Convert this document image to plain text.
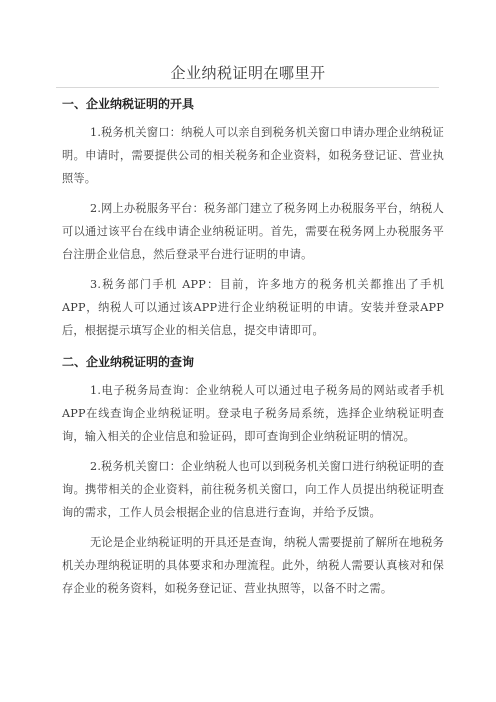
企业纳税证明在哪里开
一、企业纳税证明的开具

1.税务机关窗口：纳税人可以亲自到税务机关窗口申请办理企业纳税证明。申请时，需要提供公司的相关税务和企业资料，如税务登记证、营业执照等。

2.网上办税服务平台：税务部门建立了税务网上办税服务平台，纳税人可以通过该平台在线申请企业纳税证明。首先，需要在税务网上办税服务平台注册企业信息，然后登录平台进行证明的申请。

3.税务部门手机 APP：目前，许多地方的税务机关都推出了手机 APP，纳税人可以通过该APP进行企业纳税证明的申请。安装并登录APP后，根据提示填写企业的相关信息，提交申请即可。

二、企业纳税证明的查询

1.电子税务局查询：企业纳税人可以通过电子税务局的网站或者手机APP在线查询企业纳税证明。登录电子税务局系统，选择企业纳税证明查询，输入相关的企业信息和验证码，即可查询到企业纳税证明的情况。

2.税务机关窗口：企业纳税人也可以到税务机关窗口进行纳税证明的查询。携带相关的企业资料，前往税务机关窗口，向工作人员提出纳税证明查询的需求，工作人员会根据企业的信息进行查询，并给予反馈。

无论是企业纳税证明的开具还是查询，纳税人需要提前了解所在地税务机关办理纳税证明的具体要求和办理流程。此外，纳税人需要认真核对和保存企业的税务资料，如税务登记证、营业执照等，以备不时之需。
